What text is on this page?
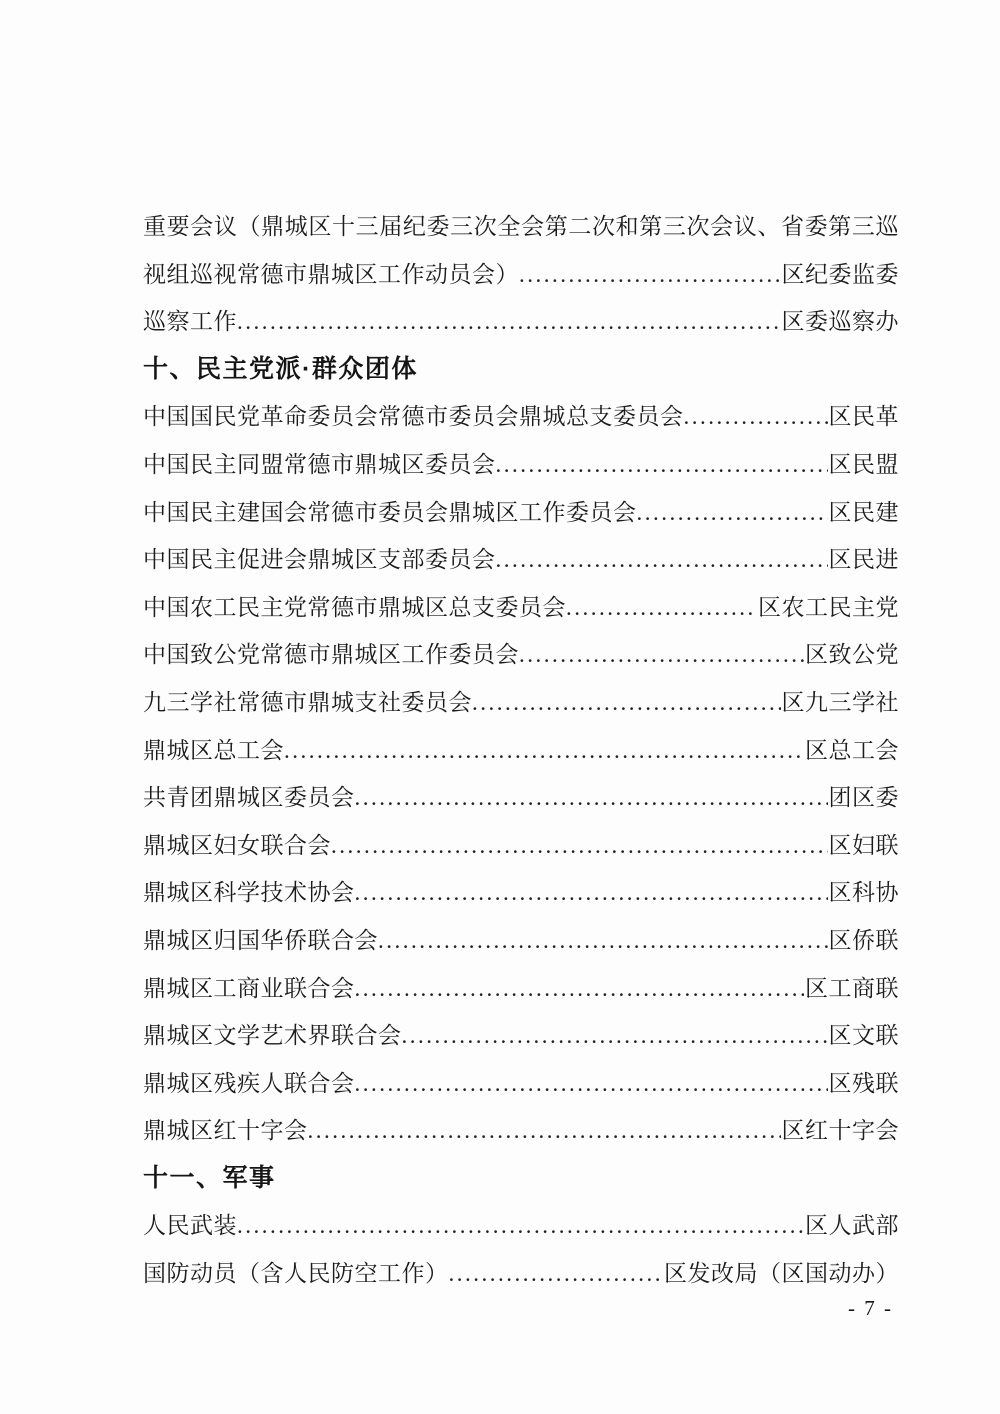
重要会议（鼎城区十三届纪委三次全会第二次和第三次会议、省委第三巡
视组巡视常德市鼎城区工作动员会） .....	区纪委监委
巡察工作 .....	区委巡察办
十、民主党派·群众团体
中国国民党革命委员会常德市委员会鼎城总支委员会 .....	区民革
中国民主同盟常德市鼎城区委员会 .....	区民盟
中国民主建国会常德市委员会鼎城区工作委员会 .....	区民建
中国民主促进会鼎城区支部委员会 .....	区民进
中国农工民主党常德市鼎城区总支委员会 .....	区农工民主党
中国致公党常德市鼎城区工作委员会 .....	区致公党
九三学社常德市鼎城支社委员会 .....	区九三学社
鼎城区总工会 .....	区总工会
共青团鼎城区委员会 .....	团区委
鼎城区妇女联合会 .....	区妇联
鼎城区科学技术协会 .....	区科协
鼎城区归国华侨联合会 .....	区侨联
鼎城区工商业联合会 .....	区工商联
鼎城区文学艺术界联合会 .....	区文联
鼎城区残疾人联合会 .....	区残联
鼎城区红十字会 .....	区红十字会
十一、军事
人民武装 .....	区人武部
国防动员（含人民防空工作） .....	区发改局（区国动办）
- 7 -
